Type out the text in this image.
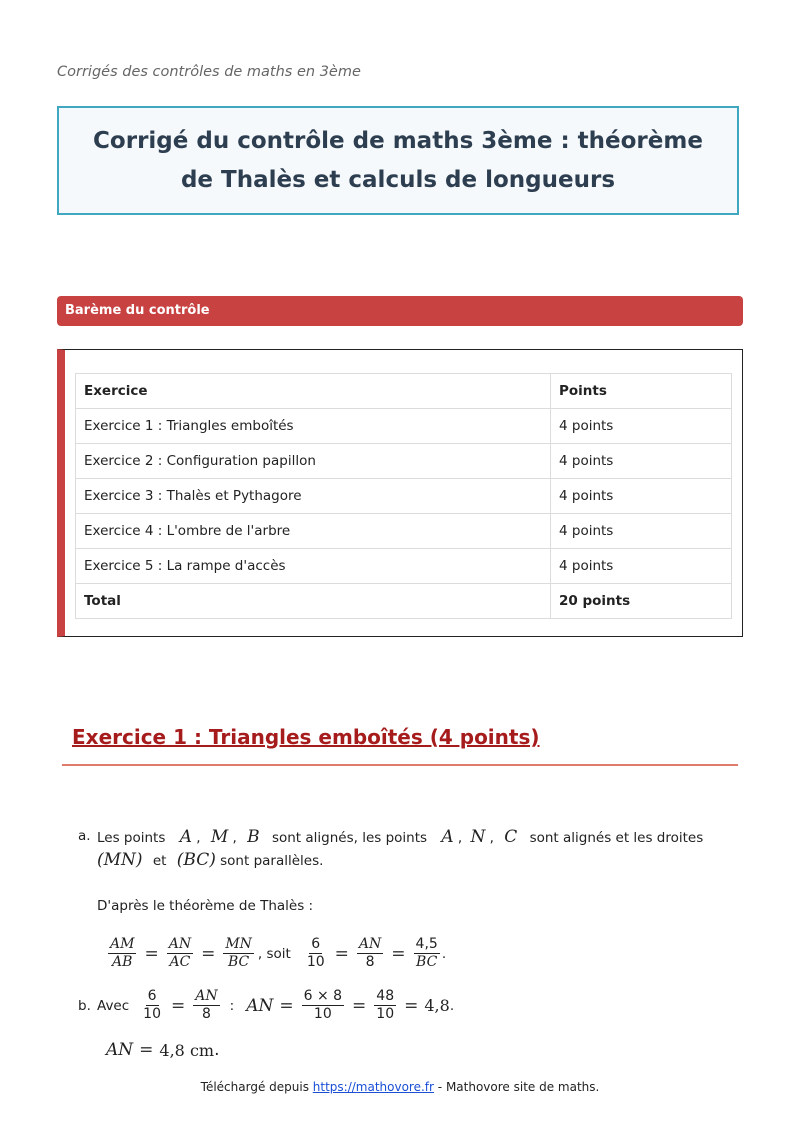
Corrigés des contrôles de maths en 3ème
Corrigé du contrôle de maths 3ème : théorème de Thalès et calculs de longueurs
Barème du contrôle
Exercice	Points
Exercice 1 : Triangles emboîtés	4 points
Exercice 2 : Configuration papillon	4 points
Exercice 3 : Thalès et Pythagore	4 points
Exercice 4 : L'ombre de l'arbre	4 points
Exercice 5 : La rampe d'accès	4 points
Total	20 points
Exercice 1 : Triangles emboîtés (4 points)
a. Les points A , M , B sont alignés, les points A , N , C sont alignés et les droites
(MN) et (BC) sont parallèles.
D'après le théorème de Thalès :
$\frac{AM}{AB} = \frac{AN}{AC} = \frac{MN}{BC}$ , soit $\frac{6}{10} = \frac{AN}{8} = \frac{4,5}{BC}$ .
b. Avec $\frac{6}{10} = \frac{AN}{8}$ : AN = $\frac{6 \times 8}{10} = \frac{48}{10} = 4,8$ .
AN = 4,8 cm .
Téléchargé depuis https://mathovore.fr - Mathovore site de maths.
